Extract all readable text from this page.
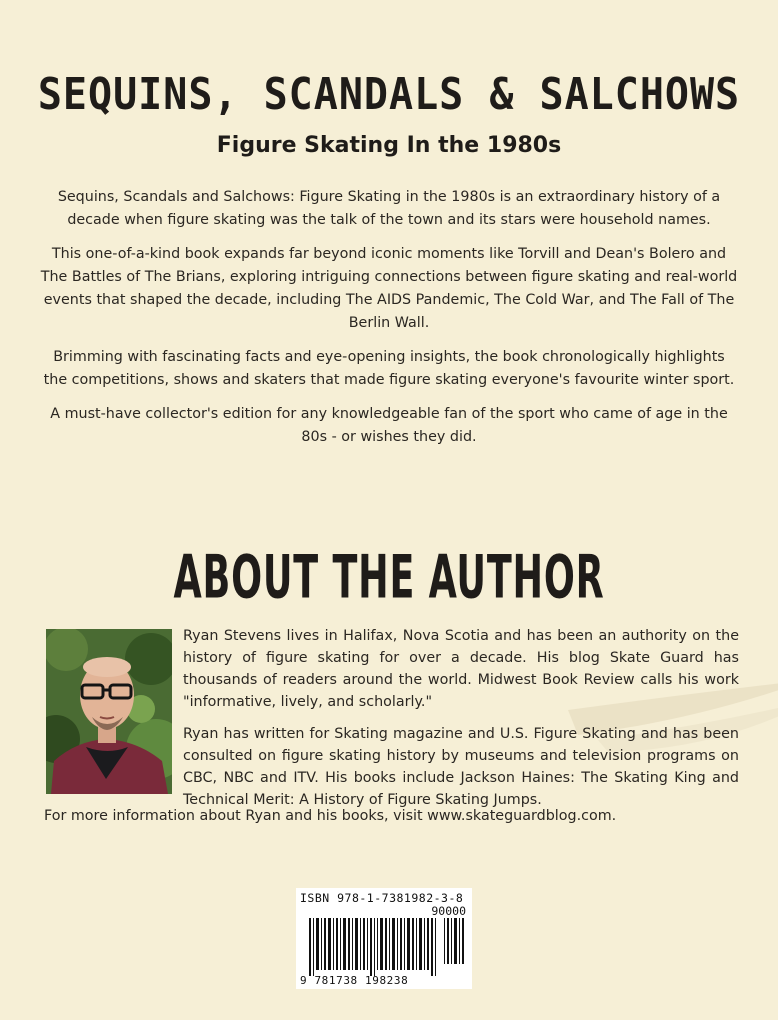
SEQUINS, SCANDALS & SALCHOWS
Figure Skating In the 1980s

Sequins, Scandals and Salchows: Figure Skating in the 1980s is an extraordinary history of a decade when figure skating was the talk of the town and its stars were household names.

This one-of-a-kind book expands far beyond iconic moments like Torvill and Dean's Bolero and The Battles of The Brians, exploring intriguing connections between figure skating and real-world events that shaped the decade, including The AIDS Pandemic, The Cold War, and The Fall of The Berlin Wall.

Brimming with fascinating facts and eye-opening insights, the book chronologically highlights the competitions, shows and skaters that made figure skating everyone's favourite winter sport.

A must-have collector's edition for any knowledgeable fan of the sport who came of age in the 80s - or wishes they did.

ABOUT THE AUTHOR

Ryan Stevens lives in Halifax, Nova Scotia and has been an authority on the history of figure skating for over a decade. His blog Skate Guard has thousands of readers around the world. Midwest Book Review calls his work "informative, lively, and scholarly."

Ryan has written for Skating magazine and U.S. Figure Skating and has been consulted on figure skating history by museums and television programs on CBC, NBC and ITV. His books include Jackson Haines: The Skating King and Technical Merit: A History of Figure Skating Jumps.

For more information about Ryan and his books, visit www.skateguardblog.com.
ISBN 978-1-7381982-3-8
90000
9 781738 198238
